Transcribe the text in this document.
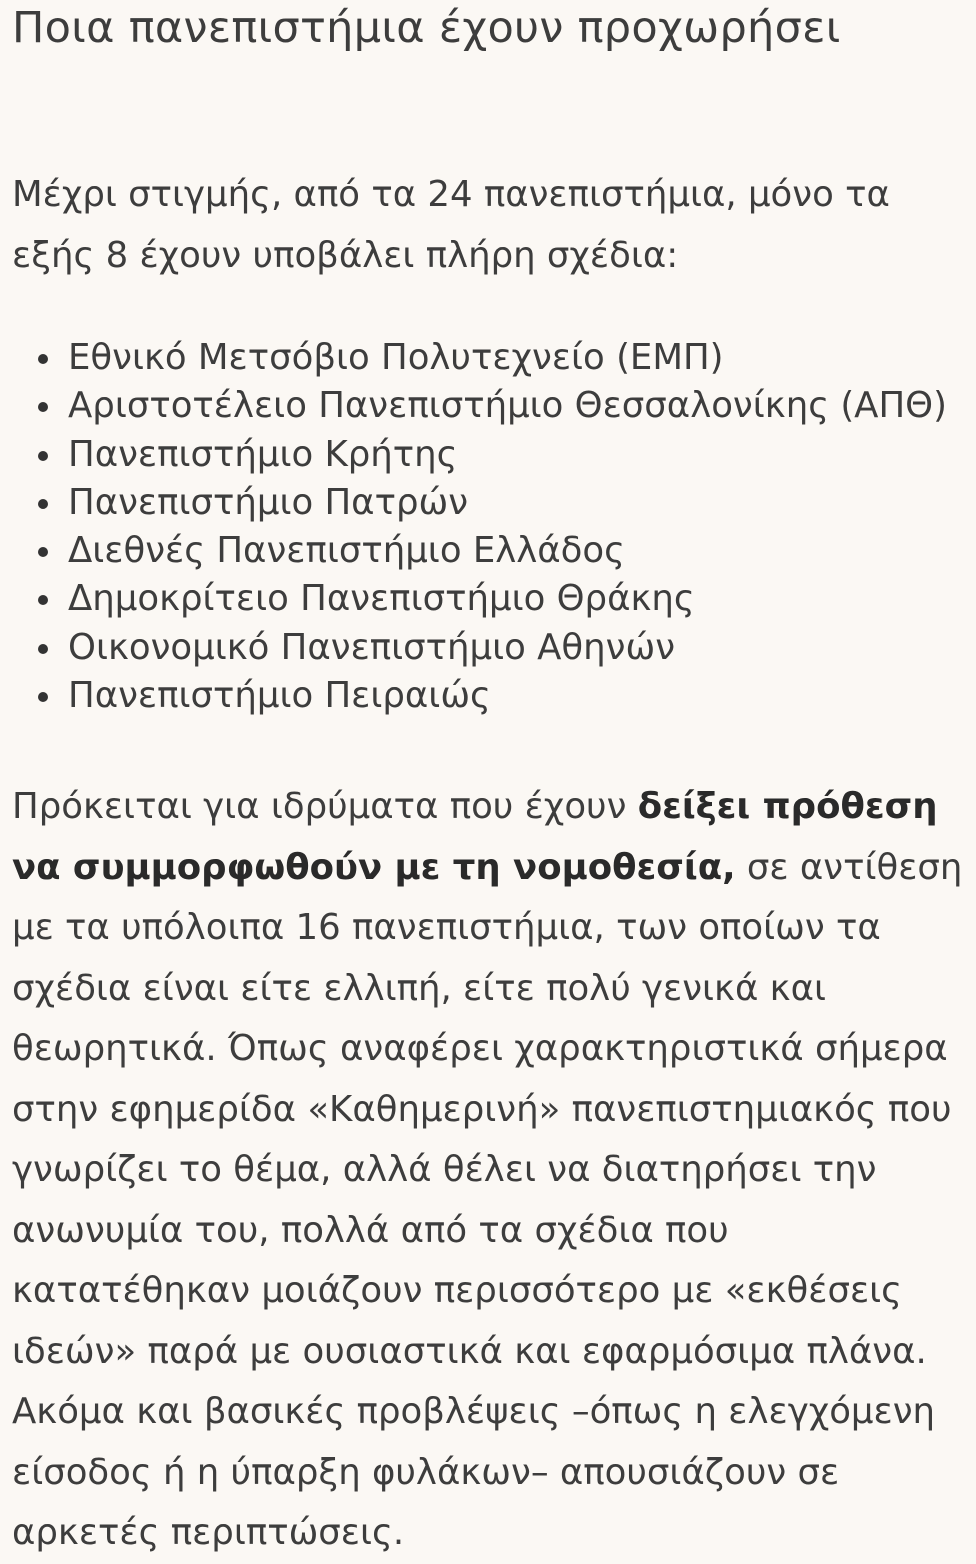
Ποια πανεπιστήμια έχουν προχωρήσει

Μέχρι στιγμής, από τα 24 πανεπιστήμια, μόνο τα εξής 8 έχουν υποβάλει πλήρη σχέδια:

Εθνικό Μετσόβιο Πολυτεχνείο (ΕΜΠ)
Αριστοτέλειο Πανεπιστήμιο Θεσσαλονίκης (ΑΠΘ)
Πανεπιστήμιο Κρήτης
Πανεπιστήμιο Πατρών
Διεθνές Πανεπιστήμιο Ελλάδος
Δημοκρίτειο Πανεπιστήμιο Θράκης
Οικονομικό Πανεπιστήμιο Αθηνών
Πανεπιστήμιο Πειραιώς

Πρόκειται για ιδρύματα που έχουν δείξει πρόθεση να συμμορφωθούν με τη νομοθεσία, σε αντίθεση με τα υπόλοιπα 16 πανεπιστήμια, των οποίων τα σχέδια είναι είτε ελλιπή, είτε πολύ γενικά και θεωρητικά. Όπως αναφέρει χαρακτηριστικά σήμερα στην εφημερίδα «Καθημερινή» πανεπιστημιακός που γνωρίζει το θέμα, αλλά θέλει να διατηρήσει την ανωνυμία του, πολλά από τα σχέδια που κατατέθηκαν μοιάζουν περισσότερο με «εκθέσεις ιδεών» παρά με ουσιαστικά και εφαρμόσιμα πλάνα. Ακόμα και βασικές προβλέψεις –όπως η ελεγχόμενη είσοδος ή η ύπαρξη φυλάκων– απουσιάζουν σε αρκετές περιπτώσεις.
